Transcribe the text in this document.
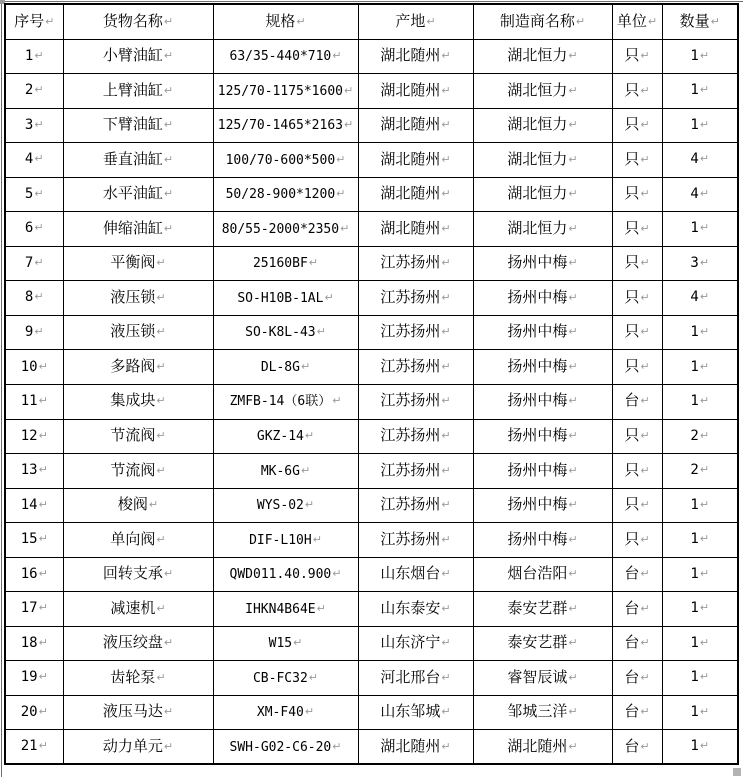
序号↵	货物名称↵	规格↵	产地↵	制造商名称↵	单位↵	数量↵
1↵	小臂油缸↵	63/35-440*710↵	湖北随州↵	湖北恒力↵	只↵	1↵
2↵	上臂油缸↵	125/70-1175*1600↵	湖北随州↵	湖北恒力↵	只↵	1↵
3↵	下臂油缸↵	125/70-1465*2163↵	湖北随州↵	湖北恒力↵	只↵	1↵
4↵	垂直油缸↵	100/70-600*500↵	湖北随州↵	湖北恒力↵	只↵	4↵
5↵	水平油缸↵	50/28-900*1200↵	湖北随州↵	湖北恒力↵	只↵	4↵
6↵	伸缩油缸↵	80/55-2000*2350↵	湖北随州↵	湖北恒力↵	只↵	1↵
7↵	平衡阀↵	25160BF↵	江苏扬州↵	扬州中梅↵	只↵	3↵
8↵	液压锁↵	SO-H10B-1AL↵	江苏扬州↵	扬州中梅↵	只↵	4↵
9↵	液压锁↵	SO-K8L-43↵	江苏扬州↵	扬州中梅↵	只↵	1↵
10↵	多路阀↵	DL-8G↵	江苏扬州↵	扬州中梅↵	只↵	1↵
11↵	集成块↵	ZMFB-14（6联）↵	江苏扬州↵	扬州中梅↵	台↵	1↵
12↵	节流阀↵	GKZ-14↵	江苏扬州↵	扬州中梅↵	只↵	2↵
13↵	节流阀↵	MK-6G↵	江苏扬州↵	扬州中梅↵	只↵	2↵
14↵	梭阀↵	WYS-02↵	江苏扬州↵	扬州中梅↵	只↵	1↵
15↵	单向阀↵	DIF-L10H↵	江苏扬州↵	扬州中梅↵	只↵	1↵
16↵	回转支承↵	QWD011.40.900↵	山东烟台↵	烟台浩阳↵	台↵	1↵
17↵	减速机↵	IHKN4B64E↵	山东泰安↵	泰安艺群↵	台↵	1↵
18↵	液压绞盘↵	W15↵	山东济宁↵	泰安艺群↵	台↵	1↵
19↵	齿轮泵↵	CB-FC32↵	河北邢台↵	睿智辰诚↵	台↵	1↵
20↵	液压马达↵	XM-F40↵	山东邹城↵	邹城三洋↵	台↵	1↵
21↵	动力单元↵	SWH-G02-C6-20↵	湖北随州↵	湖北随州↵	台↵	1↵
